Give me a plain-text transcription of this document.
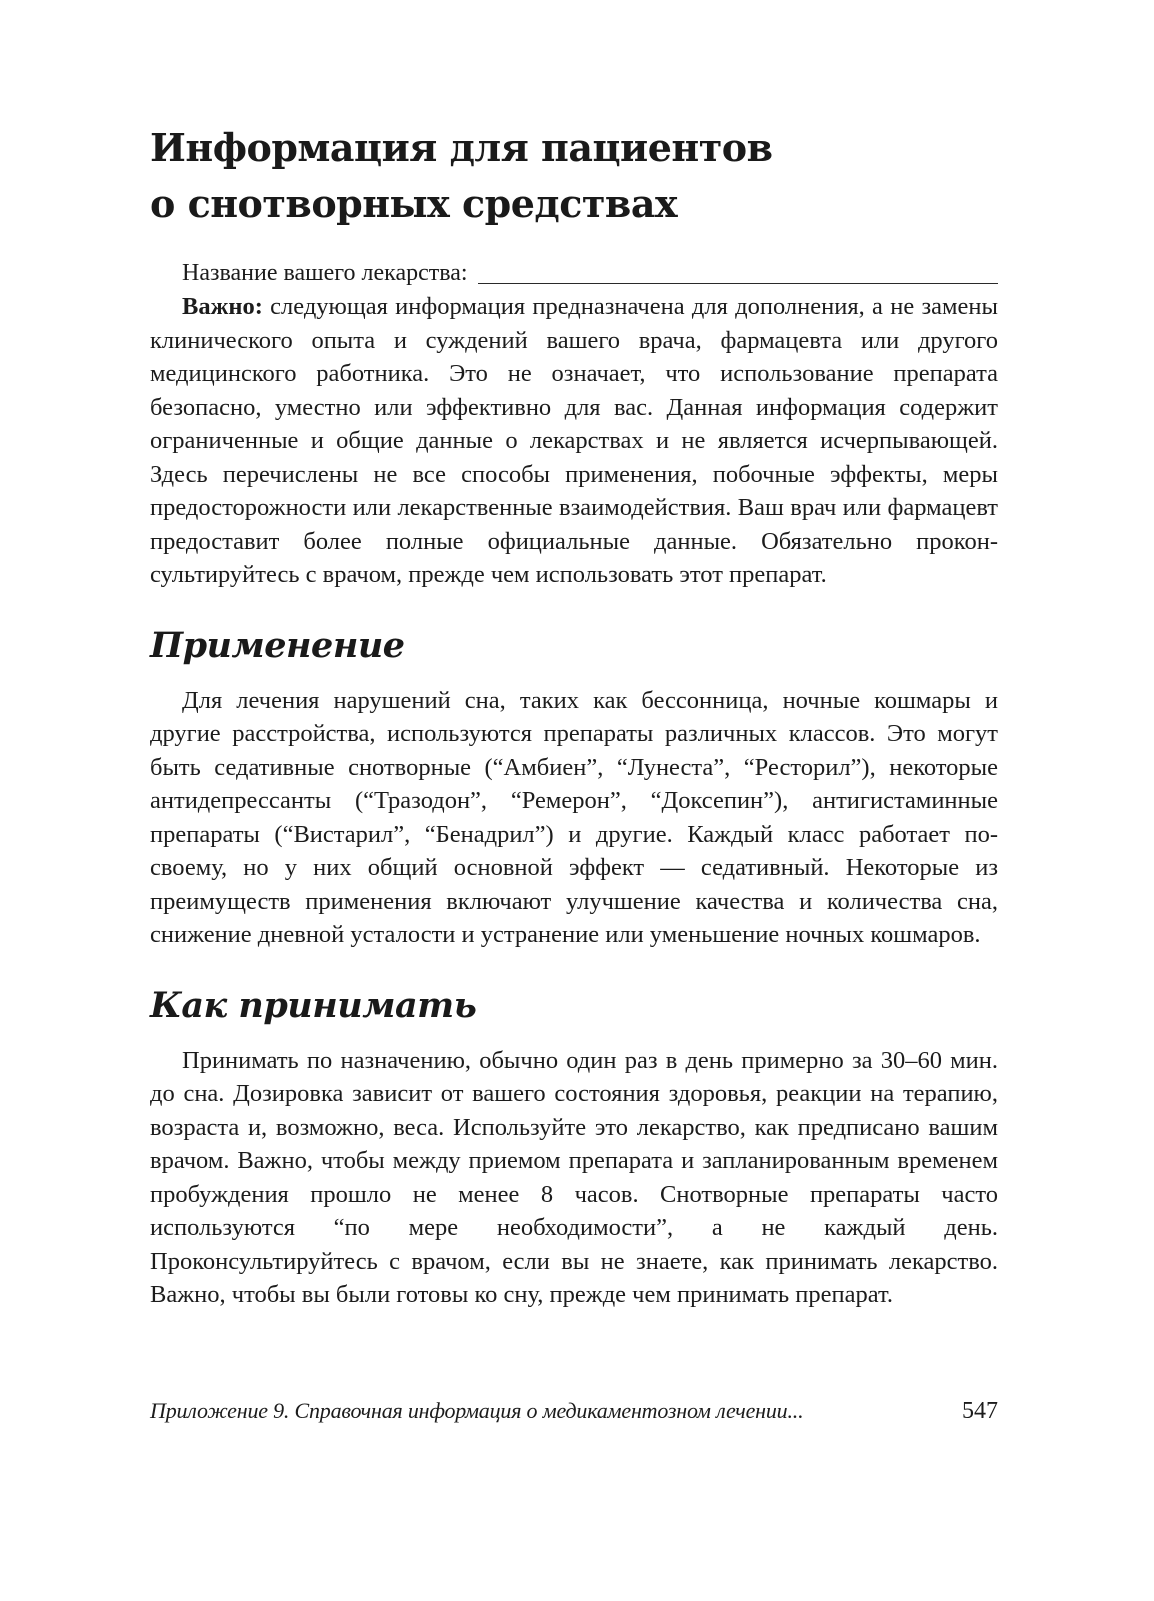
Информация для пациентов
о снотворных средствах
Название вашего лекарства:

Важно: следующая информация предназначена для дополнения, а не замены клинического опыта и суждений вашего врача, фармацевта или другого медицинского работника. Это не означает, что использование препарата безопасно, уместно или эффективно для вас. Данная информация содержит ограниченные и общие данные о лекарствах и не является исчерпывающей. Здесь перечислены не все способы применения, побочные эффекты, меры предосторожности или лекарственные взаимодействия. Ваш врач или фармацевт предоставит более полные официальные данные. Обязательно проконсультируйтесь с врачом, прежде чем использовать этот препарат.

Применение

Для лечения нарушений сна, таких как бессонница, ночные кошмары и другие расстройства, используются препараты различных классов. Это могут быть седативные снотворные (“Амбиен”, “Лунеста”, “Ресторил”), некоторые антидепрессанты (“Тразодон”, “Ремерон”, “Доксепин”), антигистаминные препараты (“Вистарил”, “Бенадрил”) и другие. Каждый класс работает по-своему, но у них общий основной эффект — седативный. Некоторые из преимуществ применения включают улучшение качества и количества сна, снижение дневной усталости и устранение или уменьшение ночных кошмаров.

Как принимать

Принимать по назначению, обычно один раз в день примерно за 30–60 мин. до сна. Дозировка зависит от вашего состояния здоровья, реакции на терапию, возраста и, возможно, веса. Используйте это лекарство, как предписано вашим врачом. Важно, чтобы между приемом препарата и запланированным временем пробуждения прошло не менее 8 часов. Снотворные препараты часто используются “по мере необходимости”, а не каждый день. Проконсультируйтесь с врачом, если вы не знаете, как принимать лекарство. Важно, чтобы вы были готовы ко сну, прежде чем принимать препарат.

Приложение 9. Справочная информация о медикаментозном лечении...	547
